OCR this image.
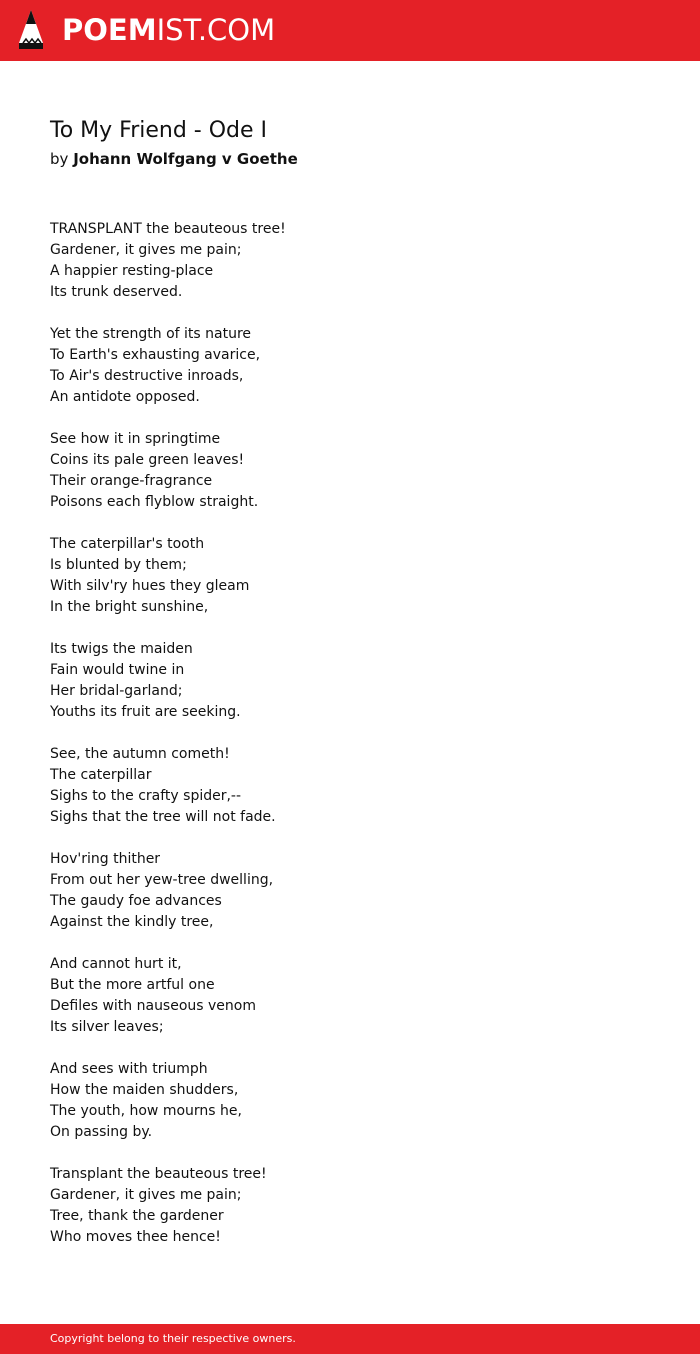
POEMIST.COM
To My Friend - Ode I
by Johann Wolfgang v Goethe
TRANSPLANT the beauteous tree!
Gardener, it gives me pain;
A happier resting-place
Its trunk deserved.
Yet the strength of its nature
To Earth's exhausting avarice,
To Air's destructive inroads,
An antidote opposed.
See how it in springtime
Coins its pale green leaves!
Their orange-fragrance
Poisons each flyblow straight.
The caterpillar's tooth
Is blunted by them;
With silv'ry hues they gleam
In the bright sunshine,
Its twigs the maiden
Fain would twine in
Her bridal-garland;
Youths its fruit are seeking.
See, the autumn cometh!
The caterpillar
Sighs to the crafty spider,--
Sighs that the tree will not fade.
Hov'ring thither
From out her yew-tree dwelling,
The gaudy foe advances
Against the kindly tree,
And cannot hurt it,
But the more artful one
Defiles with nauseous venom
Its silver leaves;
And sees with triumph
How the maiden shudders,
The youth, how mourns he,
On passing by.
Transplant the beauteous tree!
Gardener, it gives me pain;
Tree, thank the gardener
Who moves thee hence!
Copyright belong to their respective owners.
